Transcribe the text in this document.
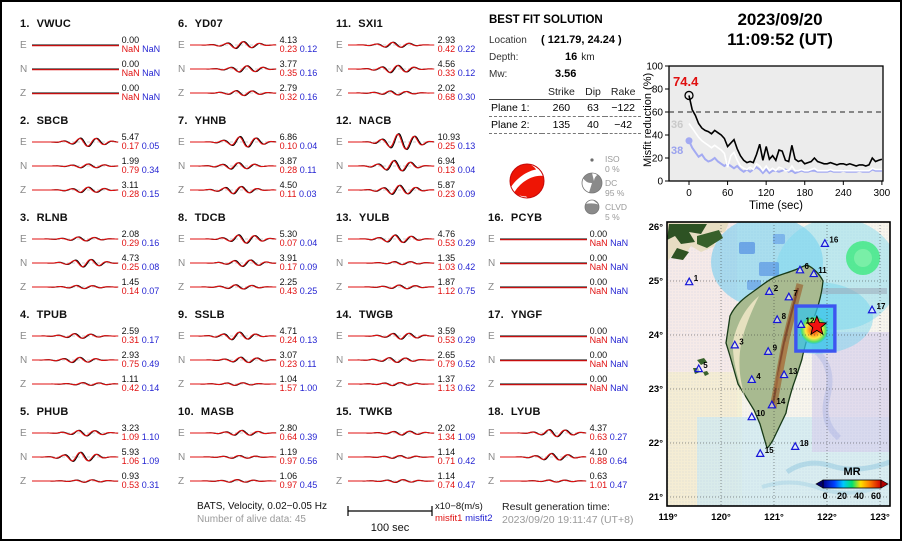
1. VWUC
E	0.00
NaN NaN
N	0.00
NaN NaN
Z	0.00
NaN NaN
2. SBCB
E	5.47
0.17 0.05
N	1.99
0.79 0.34
Z	3.11
0.28 0.15
3. RLNB
E	2.08
0.29 0.16
N	4.73
0.25 0.08
Z	1.45
0.14 0.07
4. TPUB
E	2.59
0.31 0.17
N	2.93
0.75 0.49
Z	1.11
0.42 0.14
5. PHUB
E	3.23
1.09 1.10
N	5.93
1.06 1.09
Z	0.93
0.53 0.31
6. YD07
E	4.13
0.23 0.12
N	3.77
0.35 0.16
Z	2.79
0.32 0.16
7. YHNB
E	6.86
0.10 0.04
N	3.87
0.28 0.11
Z	4.50
0.11 0.03
8. TDCB
E	5.30
0.07 0.04
N	3.91
0.17 0.09
Z	2.25
0.43 0.25
9. SSLB
E	4.71
0.24 0.13
N	3.07
0.23 0.11
Z	1.04
1.57 1.00
10. MASB
E	2.80
0.64 0.39
N	1.19
0.97 0.56
Z	1.06
0.97 0.45
11. SXI1
E	2.93
0.42 0.22
N	4.56
0.33 0.12
Z	2.02
0.68 0.30
12. NACB
E	10.93
0.25 0.13
N	6.94
0.13 0.04
Z	5.87
0.23 0.09
13. YULB
E	4.76
0.53 0.29
N	1.35
1.03 0.42
Z	1.87
1.12 0.75
14. TWGB
E	3.59
0.53 0.29
N	2.65
0.79 0.52
Z	1.37
1.13 0.62
15. TWKB
E	2.02
1.34 1.09
N	1.14
0.71 0.42
Z	1.14
0.74 0.47
16. PCYB
E	0.00
NaN NaN
N	0.00
NaN NaN
Z	0.00
NaN NaN
17. YNGF
E	0.00
NaN NaN
N	0.00
NaN NaN
Z	0.00
NaN NaN
18. LYUB
E	4.37
0.63 0.27
N	4.10
0.88 0.64
Z	0.63
1.01 0.47
BEST FIT SOLUTION
Location	( 121.79, 24.24 )
Depth:	16 km
Mw:	3.56
	Strike	Dip	Rake
Plane 1:	260	63	−122
Plane 2:	135	40	−42
ISO
0 %
DC
95 %
CLVD
5 %
2023/09/20
11:09:52 (UT)
0
20
40
60
80
100
0	60 120 180 240 300
Misfit reduction (%)
Time (sec)
74.4
36
38
1
2
3
4
5
6
7
8
9
10
11
12
13
14
15
16
17
18
119°	120°	121°	122°	123°
26°
25°
24°
23°
22°
21°
MR
0 20 40 60
BATS, Velocity, 0.02−0.05 Hz
Number of alive data: 45
100 sec
x10−8(m/s)
misfit1 misfit2
Result generation time:
2023/09/20 19:11:47 (UT+8)
